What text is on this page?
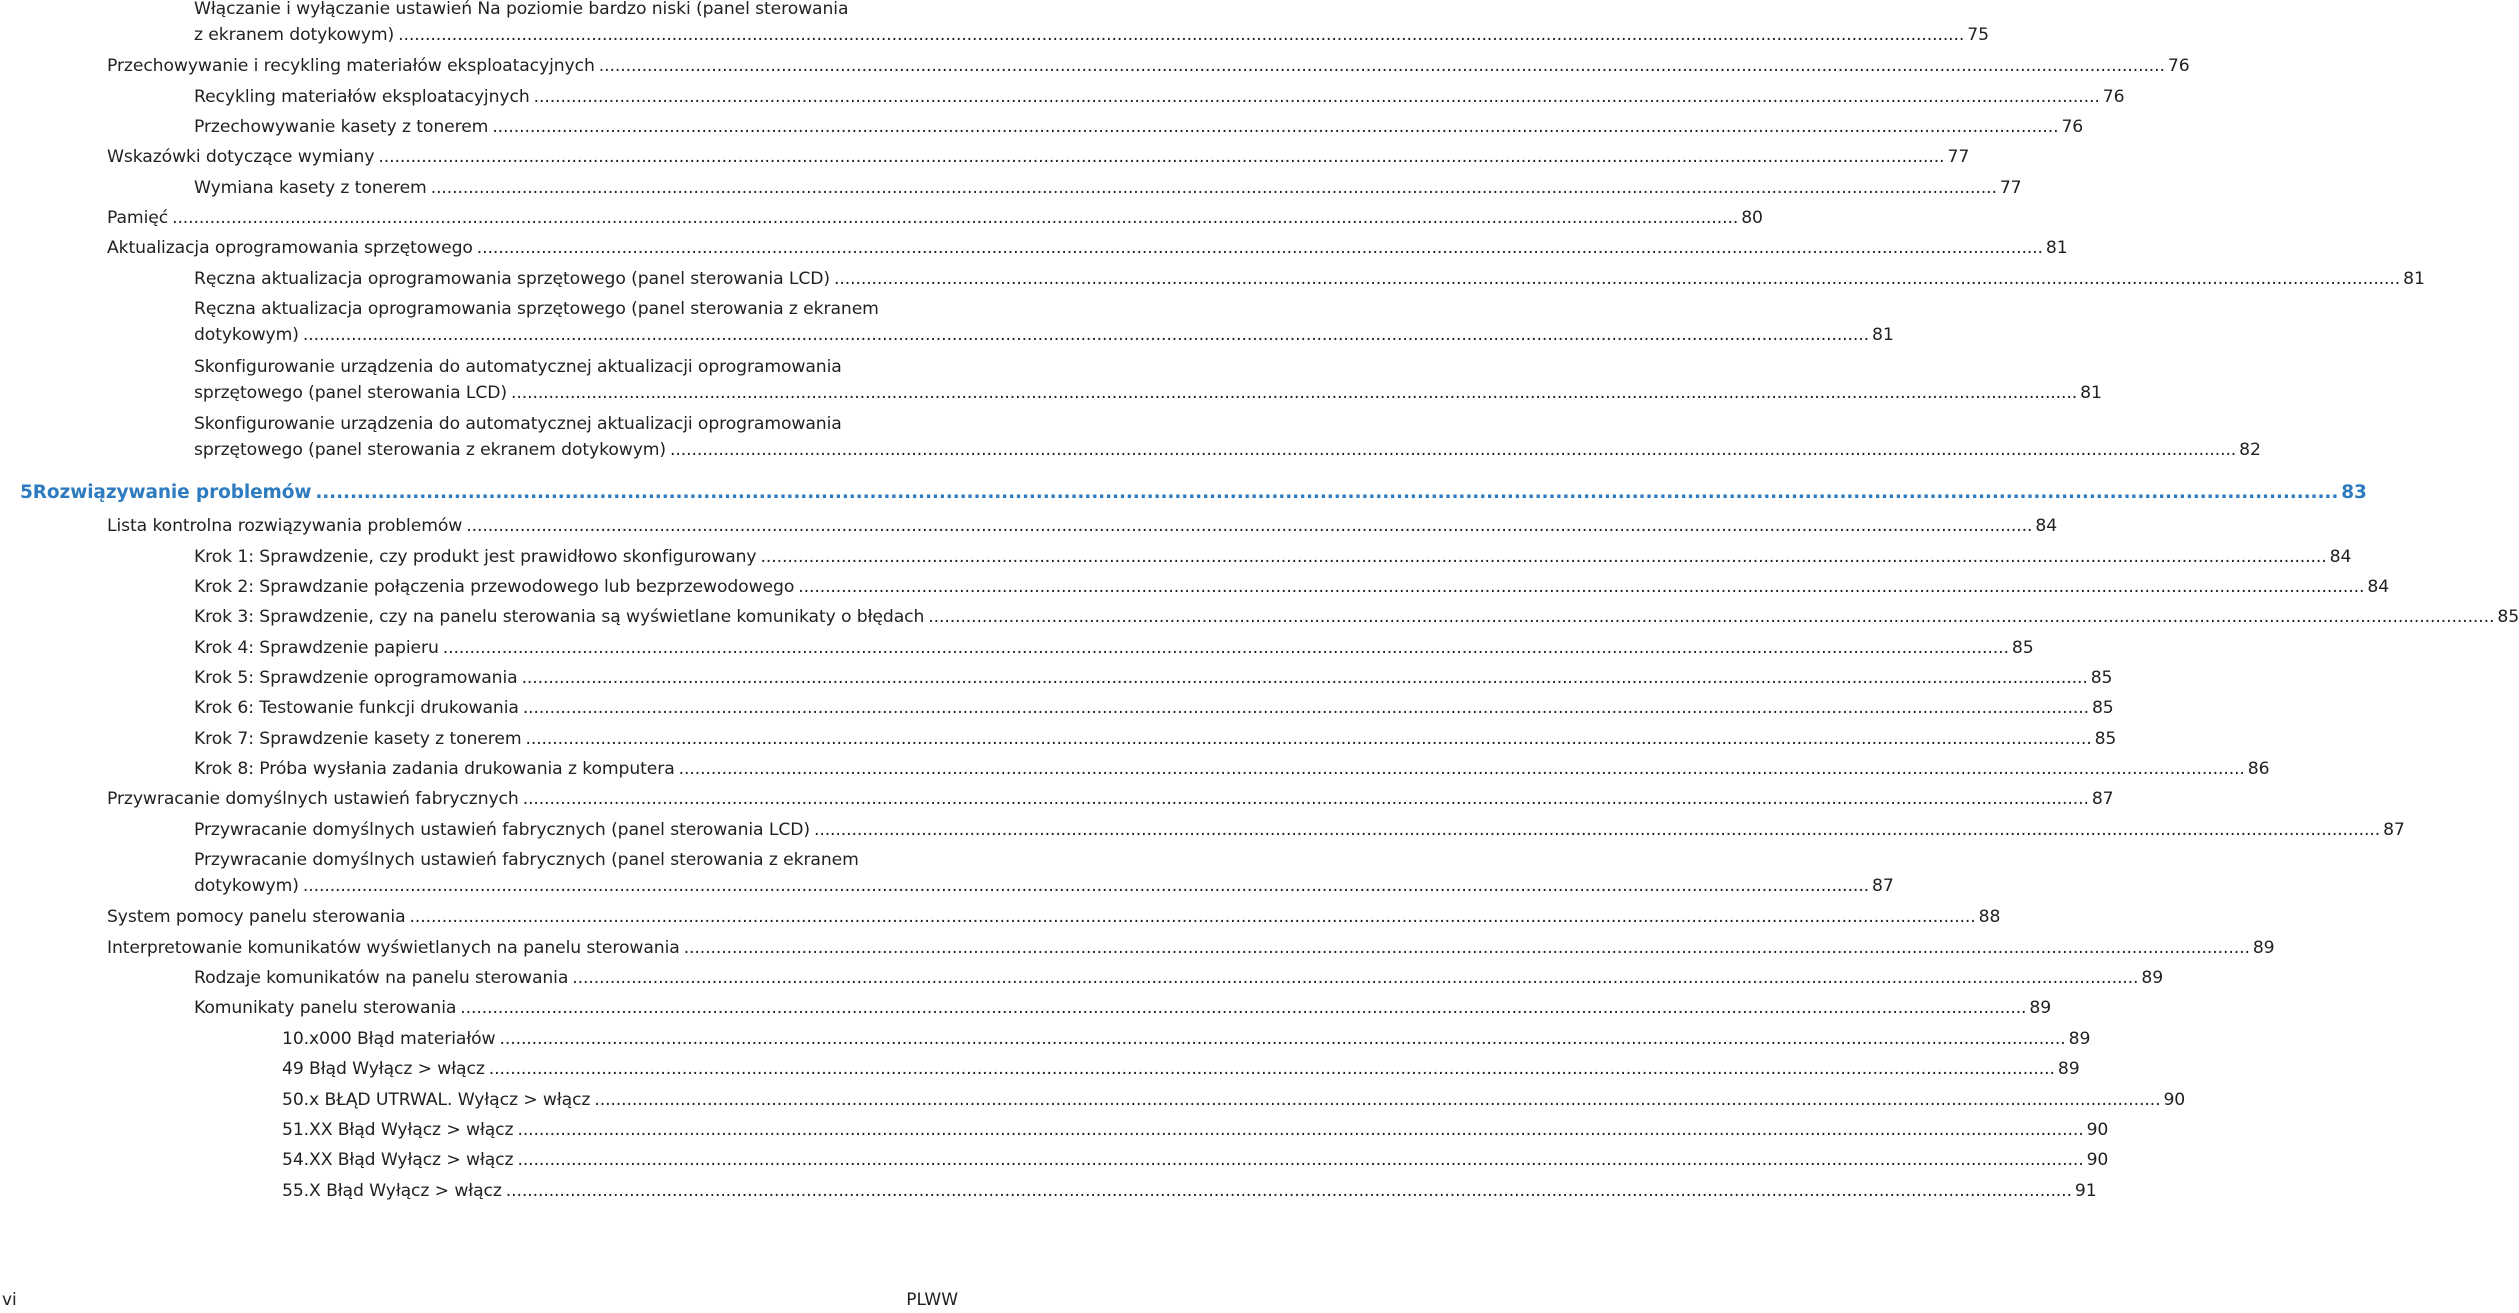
Włączanie i wyłączanie ustawień Na poziomie bardzo niski (panel sterowania
z ekranem dotykowym) .....	75
Przechowywanie i recykling materiałów eksploatacyjnych .....	76
Recykling materiałów eksploatacyjnych .....	76
Przechowywanie kasety z tonerem .....	76
Wskazówki dotyczące wymiany .....	77
Wymiana kasety z tonerem .....	77
Pamięć .....	80
Aktualizacja oprogramowania sprzętowego .....	81
Ręczna aktualizacja oprogramowania sprzętowego (panel sterowania LCD) .....	81
Ręczna aktualizacja oprogramowania sprzętowego (panel sterowania z ekranem
dotykowym) .....	81
Skonfigurowanie urządzenia do automatycznej aktualizacji oprogramowania
sprzętowego (panel sterowania LCD) .....	81
Skonfigurowanie urządzenia do automatycznej aktualizacji oprogramowania
sprzętowego (panel sterowania z ekranem dotykowym) .....	82
5 Rozwiązywanie problemów .....	83
Lista kontrolna rozwiązywania problemów .....	84
Krok 1: Sprawdzenie, czy produkt jest prawidłowo skonfigurowany .....	84
Krok 2: Sprawdzanie połączenia przewodowego lub bezprzewodowego .....	84
Krok 3: Sprawdzenie, czy na panelu sterowania są wyświetlane komunikaty o błędach .....	85
Krok 4: Sprawdzenie papieru .....	85
Krok 5: Sprawdzenie oprogramowania .....	85
Krok 6: Testowanie funkcji drukowania .....	85
Krok 7: Sprawdzenie kasety z tonerem .....	85
Krok 8: Próba wysłania zadania drukowania z komputera .....	86
Przywracanie domyślnych ustawień fabrycznych .....	87
Przywracanie domyślnych ustawień fabrycznych (panel sterowania LCD) .....	87
Przywracanie domyślnych ustawień fabrycznych (panel sterowania z ekranem
dotykowym) .....	87
System pomocy panelu sterowania .....	88
Interpretowanie komunikatów wyświetlanych na panelu sterowania .....	89
Rodzaje komunikatów na panelu sterowania .....	89
Komunikaty panelu sterowania .....	89
10.x000 Błąd materiałów .....	89
49 Błąd Wyłącz > włącz .....	89
50.x BŁĄD UTRWAL. Wyłącz > włącz .....	90
51.XX Błąd Wyłącz > włącz .....	90
54.XX Błąd Wyłącz > włącz .....	90
55.X Błąd Wyłącz > włącz .....	91
vi	PLWW
